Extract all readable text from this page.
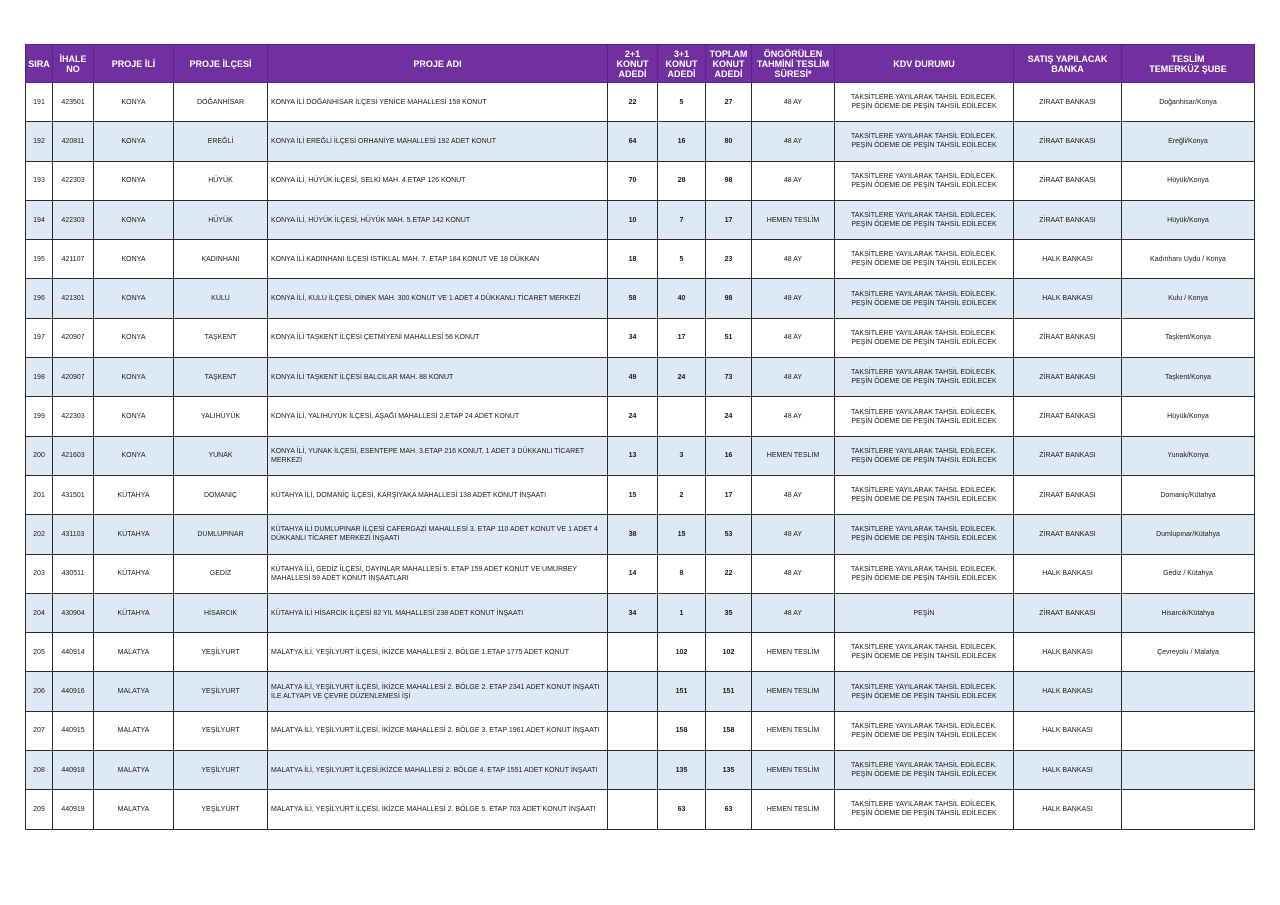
SIRA	İHALE
NO	PROJE İLİ	PROJE İLÇESİ	PROJE ADI	2+1
KONUT
ADEDİ	3+1
KONUT
ADEDİ	TOPLAM
KONUT
ADEDİ	ÖNGÖRÜLEN
TAHMİNİ TESLİM
SÜRESİ*	KDV DURUMU	SATIŞ YAPILACAK
BANKA	TESLİM
TEMERKÜZ ŞUBE
191	423501	KONYA	DOĞANHİSAR	KONYA İLİ DOĞANHİSAR İLÇESİ YENİCE MAHALLESİ 158 KONUT	22	5	27	48 AY	TAKSİTLERE YAYILARAK TAHSİL EDİLECEK.
PEŞİN ÖDEME DE PEŞİN TAHSİL EDİLECEK	ZİRAAT BANKASI	Doğanhisar/Konya
192	420811	KONYA	EREĞLİ	KONYA İLİ EREĞLİ İLÇESİ ORHANİYE MAHALLESİ 192 ADET KONUT	64	16	80	48 AY	TAKSİTLERE YAYILARAK TAHSİL EDİLECEK.
PEŞİN ÖDEME DE PEŞİN TAHSİL EDİLECEK	ZİRAAT BANKASI	Ereğli/Konya
193	422303	KONYA	HÜYÜK	KONYA İLİ, HÜYÜK İLÇESİ, SELKİ MAH. 4.ETAP 126 KONUT	70	28	98	48 AY	TAKSİTLERE YAYILARAK TAHSİL EDİLECEK.
PEŞİN ÖDEME DE PEŞİN TAHSİL EDİLECEK	ZİRAAT BANKASI	Hüyük/Konya
194	422303	KONYA	HÜYÜK	KONYA İLİ, HÜYÜK İLÇESİ, HÜYÜK MAH. 5.ETAP 142 KONUT	10	7	17	HEMEN TESLİM	TAKSİTLERE YAYILARAK TAHSİL EDİLECEK.
PEŞİN ÖDEME DE PEŞİN TAHSİL EDİLECEK	ZİRAAT BANKASI	Hüyük/Konya
195	421107	KONYA	KADINHANI	KONYA İLİ KADINHANI İLÇESİ İSTİKLAL MAH. 7. ETAP 184 KONUT VE 18 DÜKKAN	18	5	23	48 AY	TAKSİTLERE YAYILARAK TAHSİL EDİLECEK.
PEŞİN ÖDEME DE PEŞİN TAHSİL EDİLECEK	HALK BANKASI	Kadınhanı Uydu / Konya
196	421301	KONYA	KULU	KONYA İLİ, KULU İLÇESİ, DİNEK MAH. 300 KONUT VE 1 ADET 4 DÜKKANLI TİCARET MERKEZİ	58	40	98	48 AY	TAKSİTLERE YAYILARAK TAHSİL EDİLECEK.
PEŞİN ÖDEME DE PEŞİN TAHSİL EDİLECEK	HALK BANKASI	Kulu / Konya
197	420907	KONYA	TAŞKENT	KONYA İLİ TAŞKENT İLÇESİ ÇETMİYENİ MAHALLESİ 56 KONUT	34	17	51	48 AY	TAKSİTLERE YAYILARAK TAHSİL EDİLECEK.
PEŞİN ÖDEME DE PEŞİN TAHSİL EDİLECEK	ZİRAAT BANKASI	Taşkent/Konya
198	420907	KONYA	TAŞKENT	KONYA İLİ TAŞKENT İLÇESİ BALCILAR MAH. 88 KONUT	49	24	73	48 AY	TAKSİTLERE YAYILARAK TAHSİL EDİLECEK.
PEŞİN ÖDEME DE PEŞİN TAHSİL EDİLECEK	ZİRAAT BANKASI	Taşkent/Konya
199	422303	KONYA	YALIHÜYÜK	KONYA İLİ, YALIHÜYÜK İLÇESİ, AŞAĞI MAHALLESİ 2.ETAP 24 ADET KONUT	24		24	48 AY	TAKSİTLERE YAYILARAK TAHSİL EDİLECEK.
PEŞİN ÖDEME DE PEŞİN TAHSİL EDİLECEK	ZİRAAT BANKASI	Hüyük/Konya
200	421603	KONYA	YUNAK	KONYA İLİ, YUNAK İLÇESİ, ESENTEPE MAH. 3.ETAP 216 KONUT, 1 ADET 3 DÜKKANLI TİCARET MERKEZİ	13	3	16	HEMEN TESLİM	TAKSİTLERE YAYILARAK TAHSİL EDİLECEK.
PEŞİN ÖDEME DE PEŞİN TAHSİL EDİLECEK	ZİRAAT BANKASI	Yunak/Konya
201	431501	KÜTAHYA	DOMANİÇ	KÜTAHYA İLİ, DOMANİÇ İLÇESİ, KARŞIYAKA MAHALLESİ 138 ADET KONUT İNŞAATI	15	2	17	48 AY	TAKSİTLERE YAYILARAK TAHSİL EDİLECEK.
PEŞİN ÖDEME DE PEŞİN TAHSİL EDİLECEK	ZİRAAT BANKASI	Domaniç/Kütahya
202	431103	KÜTAHYA	DUMLUPINAR	KÜTAHYA İLİ DUMLUPINAR İLÇESİ CAFERGAZİ MAHALLESİ 3. ETAP 110 ADET KONUT VE 1 ADET 4 DÜKKANLI TİCARET MERKEZİ İNŞAATI	38	15	53	48 AY	TAKSİTLERE YAYILARAK TAHSİL EDİLECEK.
PEŞİN ÖDEME DE PEŞİN TAHSİL EDİLECEK	ZİRAAT BANKASI	Dumlupınar/Kütahya
203	430511	KÜTAHYA	GEDİZ	KÜTAHYA İLİ, GEDİZ İLÇESİ, DAYINLAR MAHALLESİ 5. ETAP 159 ADET KONUT VE UMURBEY MAHALLESİ 59 ADET KONUT İNŞAATLARI	14	8	22	48 AY	TAKSİTLERE YAYILARAK TAHSİL EDİLECEK.
PEŞİN ÖDEME DE PEŞİN TAHSİL EDİLECEK	HALK BANKASI	Gediz / Kütahya
204	430904	KÜTAHYA	HİSARCIK	KÜTAHYA İLİ HİSARCIK İLÇESİ 82 YIL MAHALLESİ 238 ADET KONUT İNŞAATI	34	1	35	48 AY	PEŞİN	ZİRAAT BANKASI	Hisarcık/Kütahya
205	440914	MALATYA	YEŞİLYURT	MALATYA İLİ, YEŞİLYURT İLÇESİ, İKİZCE MAHALLESİ 2. BÖLGE 1.ETAP 1775 ADET KONUT		102	102	HEMEN TESLİM	TAKSİTLERE YAYILARAK TAHSİL EDİLECEK.
PEŞİN ÖDEME DE PEŞİN TAHSİL EDİLECEK	HALK BANKASI	Çevreyolu / Malatya
206	440916	MALATYA	YEŞİLYURT	MALATYA İLİ, YEŞİLYURT İLÇESİ, İKİZCE MAHALLESİ 2. BÖLGE 2. ETAP 2341 ADET KONUT İNŞAATI İLE ALTYAPI VE ÇEVRE DÜZENLEMESİ İŞİ		151	151	HEMEN TESLİM	TAKSİTLERE YAYILARAK TAHSİL EDİLECEK.
PEŞİN ÖDEME DE PEŞİN TAHSİL EDİLECEK	HALK BANKASI	
207	440915	MALATYA	YEŞİLYURT	MALATYA İLİ, YEŞİLYURT İLÇESİ, İKİZCE MAHALLESİ 2. BÖLGE 3. ETAP 1961 ADET KONUT İNŞAATI		158	158	HEMEN TESLİM	TAKSİTLERE YAYILARAK TAHSİL EDİLECEK.
PEŞİN ÖDEME DE PEŞİN TAHSİL EDİLECEK	HALK BANKASI	
208	440918	MALATYA	YEŞİLYURT	MALATYA İLİ, YEŞİLYURT İLÇESİ,İKİZCE MAHALLESİ 2. BÖLGE 4. ETAP 1551 ADET KONUT İNŞAATI		135	135	HEMEN TESLİM	TAKSİTLERE YAYILARAK TAHSİL EDİLECEK.
PEŞİN ÖDEME DE PEŞİN TAHSİL EDİLECEK	HALK BANKASI	
209	440919	MALATYA	YEŞİLYURT	MALATYA İLİ, YEŞİLYURT İLÇESİ, İKİZCE MAHALLESİ 2. BÖLGE 5. ETAP 703 ADET KONUT İNŞAATI		63	63	HEMEN TESLİM	TAKSİTLERE YAYILARAK TAHSİL EDİLECEK.
PEŞİN ÖDEME DE PEŞİN TAHSİL EDİLECEK	HALK BANKASI	
